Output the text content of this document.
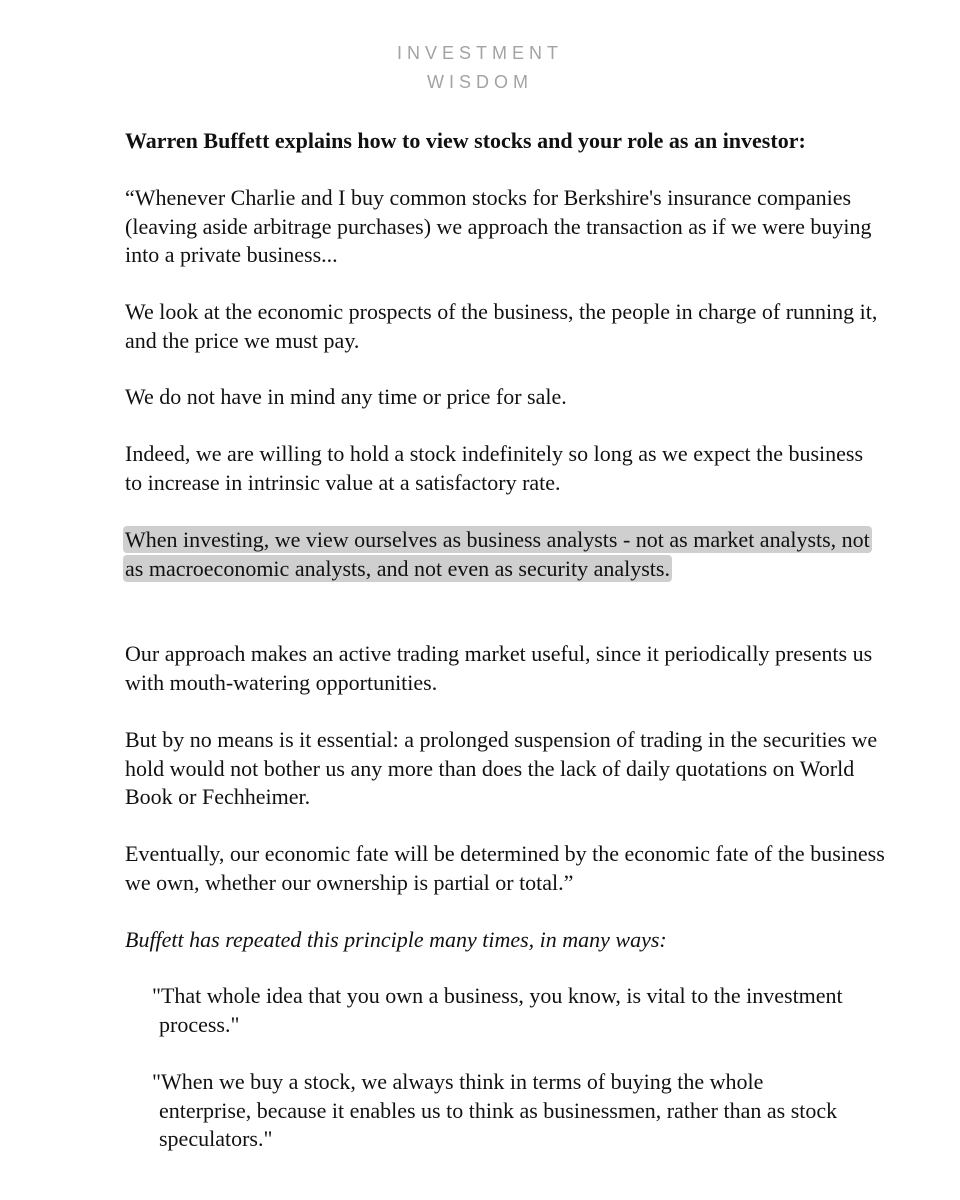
INVESTMENT
WISDOM

Warren Buffett explains how to view stocks and your role as an investor:

“Whenever Charlie and I buy common stocks for Berkshire's insurance companies (leaving aside arbitrage purchases) we approach the transaction as if we were buying into a private business...

We look at the economic prospects of the business, the people in charge of running it, and the price we must pay.

We do not have in mind any time or price for sale.

Indeed, we are willing to hold a stock indefinitely so long as we expect the business to increase in intrinsic value at a satisfactory rate.

When investing, we view ourselves as business analysts - not as market analysts, not as macroeconomic analysts, and not even as security analysts.

Our approach makes an active trading market useful, since it periodically presents us with mouth-watering opportunities.

But by no means is it essential: a prolonged suspension of trading in the securities we hold would not bother us any more than does the lack of daily quotations on World Book or Fechheimer.

Eventually, our economic fate will be determined by the economic fate of the business we own, whether our ownership is partial or total.”

Buffett has repeated this principle many times, in many ways:

"That whole idea that you own a business, you know, is vital to the investment process."

"When we buy a stock, we always think in terms of buying the whole enterprise, because it enables us to think as businessmen, rather than as stock speculators."
